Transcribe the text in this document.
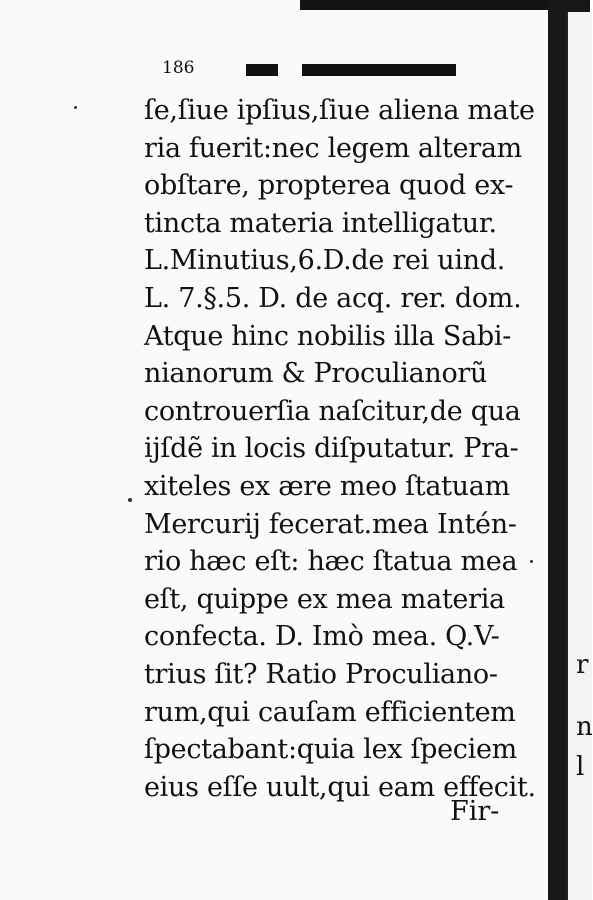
r
n
l
186
ſe,ſiue ipſius,ſiue aliena mate
ria fuerit:nec legem alteram
obſtare, propterea quod ex-
tincta materia intelligatur.
L.Minutius,6.D.de rei uind.
L. 7.§.5. D. de acq. rer. dom.
Atque hinc nobilis illa Sabi-
nianorum & Proculianorũ
controuerſia naſcitur,de qua
ijſdẽ in locis diſputatur. Pra-
xiteles ex ære meo ſtatuam
Mercurij fecerat.mea Intén-
rio hæc eſt: hæc ſtatua mea
eſt, quippe ex mea materia
confecta. D. Imò mea. Q.V-
trius ſit? Ratio Proculiano-
rum,qui cauſam efficientem
ſpectabant:quia lex ſpeciem
eius eſſe uult,qui eam effecit.
Fir-
